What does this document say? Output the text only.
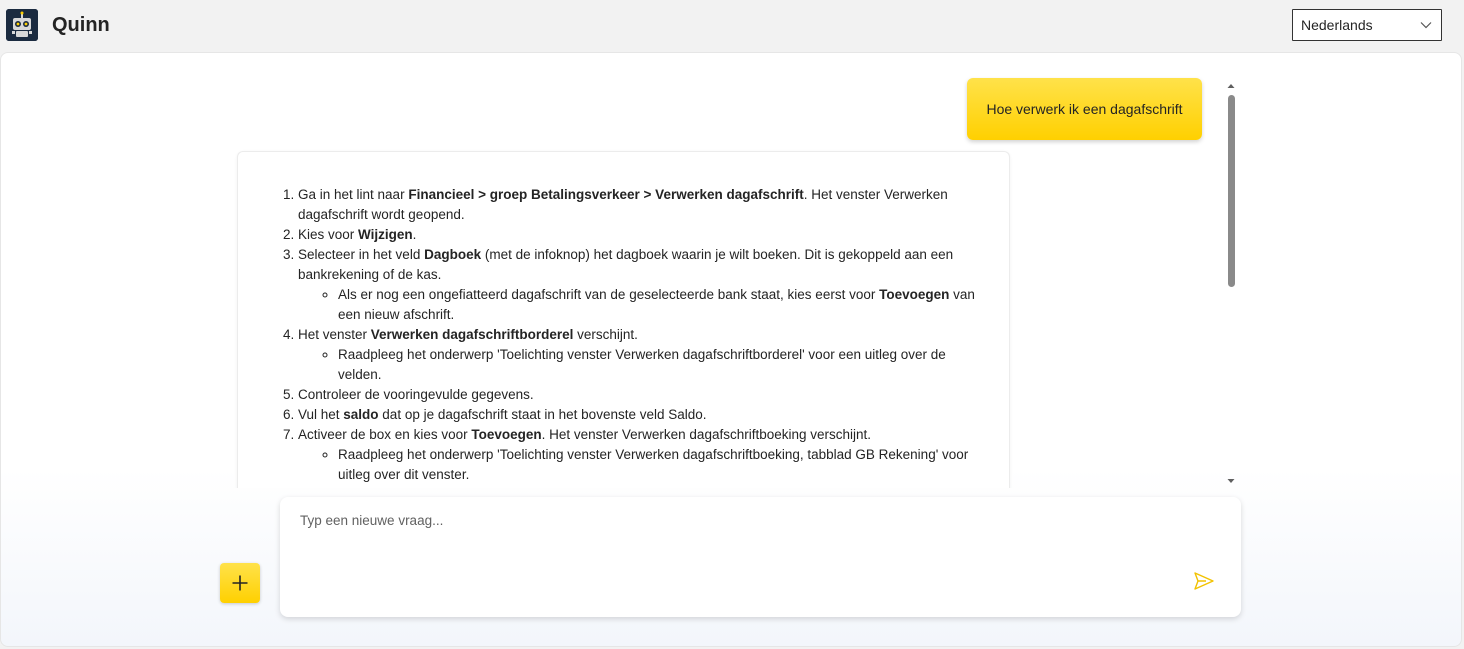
Quinn	Nederlands
Hoe verwerk ik een dagafschrift
1. Ga in het lint naar Financieel > groep Betalingsverkeer > Verwerken dagafschrift. Het venster Verwerken dagafschrift wordt geopend.
2. Kies voor Wijzigen.
3. Selecteer in het veld Dagboek (met de infoknop) het dagboek waarin je wilt boeken. Dit is gekoppeld aan een bankrekening of de kas.
◦ Als er nog een ongefiatteerd dagafschrift van de geselecteerde bank staat, kies eerst voor Toevoegen van een nieuw afschrift.
4. Het venster Verwerken dagafschriftborderel verschijnt.
◦ Raadpleeg het onderwerp 'Toelichting venster Verwerken dagafschriftborderel' voor een uitleg over de velden.
5. Controleer de vooringevulde gegevens.
6. Vul het saldo dat op je dagafschrift staat in het bovenste veld Saldo.
7. Activeer de box en kies voor Toevoegen. Het venster Verwerken dagafschriftboeking verschijnt.
◦ Raadpleeg het onderwerp 'Toelichting venster Verwerken dagafschriftboeking, tabblad GB Rekening' voor uitleg over dit venster.
Typ een nieuwe vraag...
